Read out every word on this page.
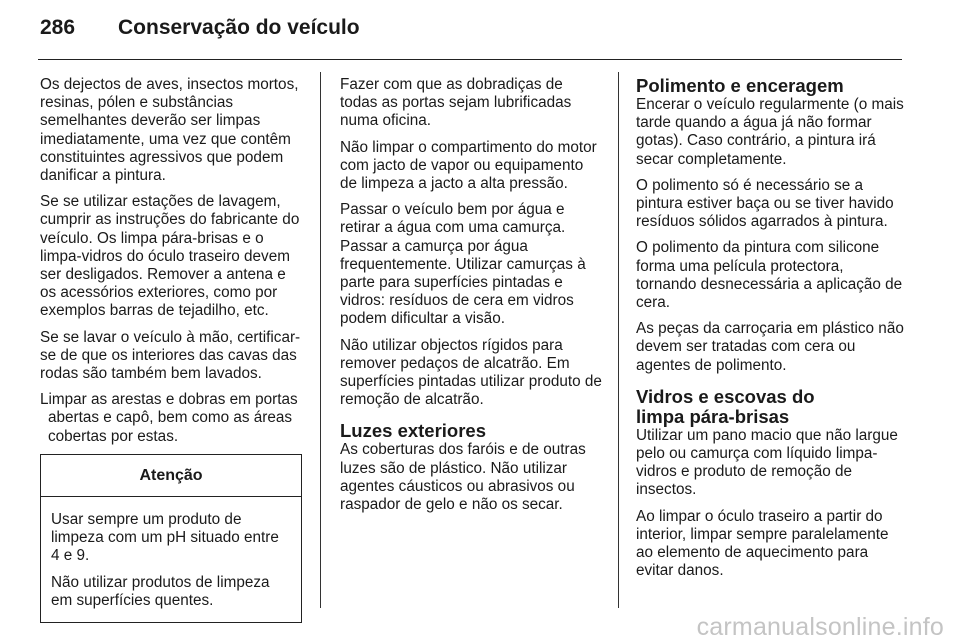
286	Conservação do veículo

Os dejectos de aves, insectos mortos, resinas, pólen e substâncias semelhantes deverão ser limpas imediatamente, uma vez que contêm constituintes agressivos que podem danificar a pintura.

Se se utilizar estações de lavagem, cumprir as instruções do fabricante do veículo. Os limpa pára-brisas e o limpa-vidros do óculo traseiro devem ser desligados. Remover a antena e os acessórios exteriores, como por exemplos barras de tejadilho, etc.

Se se lavar o veículo à mão, certificar-se de que os interiores das cavas das rodas são também bem lavados.

Limpar as arestas e dobras em portas abertas e capô, bem como as áreas cobertas por estas.

Atenção

Usar sempre um produto de limpeza com um pH situado entre 4 e 9.

Não utilizar produtos de limpeza em superfícies quentes.

Fazer com que as dobradiças de todas as portas sejam lubrificadas numa oficina.

Não limpar o compartimento do motor com jacto de vapor ou equipamento de limpeza a jacto a alta pressão.

Passar o veículo bem por água e retirar a água com uma camurça. Passar a camurça por água frequentemente. Utilizar camurças à parte para superfícies pintadas e vidros: resíduos de cera em vidros podem dificultar a visão.

Não utilizar objectos rígidos para remover pedaços de alcatrão. Em superfícies pintadas utilizar produto de remoção de alcatrão.

Luzes exteriores

As coberturas dos faróis e de outras luzes são de plástico. Não utilizar agentes cáusticos ou abrasivos ou raspador de gelo e não os secar.

Polimento e enceragem

Encerar o veículo regularmente (o mais tarde quando a água já não formar gotas). Caso contrário, a pintura irá secar completamente.

O polimento só é necessário se a pintura estiver baça ou se tiver havido resíduos sólidos agarrados à pintura.

O polimento da pintura com silicone forma uma película protectora, tornando desnecessária a aplicação de cera.

As peças da carroçaria em plástico não devem ser tratadas com cera ou agentes de polimento.

Vidros e escovas do
limpa pára-brisas

Utilizar um pano macio que não largue pelo ou camurça com líquido limpa-vidros e produto de remoção de insectos.

Ao limpar o óculo traseiro a partir do interior, limpar sempre paralelamente ao elemento de aquecimento para evitar danos.

carmanualsonline.info
